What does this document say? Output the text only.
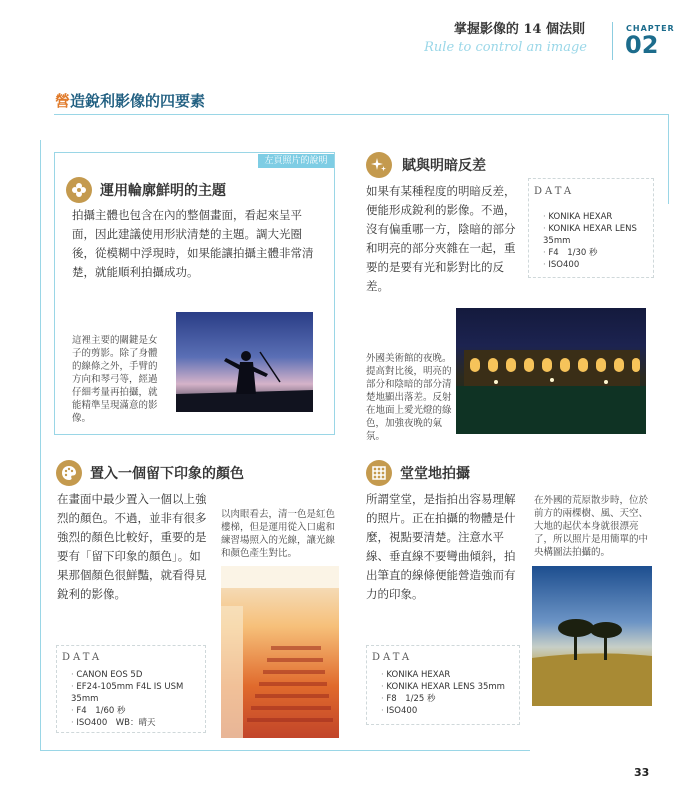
掌握影像的 14 個法則
Rule to control an image
CHAPTER
02
營造銳利影像的四要素
左頁照片的說明
運用輪廓鮮明的主題
拍攝主體也包含在內的整個畫面，看起來呈平面，因此建議使用形狀清楚的主題。調大光圈後，從模糊中浮現時，如果能讓拍攝主體非常清楚，就能順利拍攝成功。
這裡主要的關鍵是女子的剪影。除了身體的線條之外，手臂的方向和琴弓等，經過仔細考量再拍攝，就能精準呈現滿意的影像。
賦與明暗反差
如果有某種程度的明暗反差，便能形成銳利的影像。不過，沒有偏重哪一方，陰暗的部分和明亮的部分夾雜在一起，重要的是要有光和影對比的反差。
DATA
· KONIKA HEXAR
· KONIKA HEXAR LENS 35mm
· F4　1/30 秒
· ISO400
外國美術館的夜晚。提高對比後，明亮的部分和陰暗的部分清楚地顯出落差。反射在地面上愛光燈的綠色，加強夜晚的氣氛。
置入一個留下印象的顏色
在畫面中最少置入一個以上強烈的顏色。不過，並非有很多強烈的顏色比較好，重要的是要有「留下印象的顏色」。如果那個顏色很鮮豔，就看得見銳利的影像。
以肉眼看去，清一色是紅色樓梯，但是運用從入口處和練習場照入的光線，讓光線和顏色產生對比。
DATA
· CANON EOS 5D
· EF24-105mm F4L IS USM 35mm
· F4　1/60 秒
· ISO400　WB：晴天
堂堂地拍攝
所謂堂堂，是指拍出容易理解的照片。正在拍攝的物體是什麼，視點要清楚。注意水平線、垂直線不要彎曲傾斜，拍出筆直的線條便能營造強而有力的印象。
在外國的荒原散步時，位於前方的兩棵樹、風、天空、大地的起伏本身就很漂亮了，所以照片是用簡單的中央構圖法拍攝的。
DATA
· KONIKA HEXAR
· KONIKA HEXAR LENS 35mm
· F8　1/25 秒
· ISO400
33
